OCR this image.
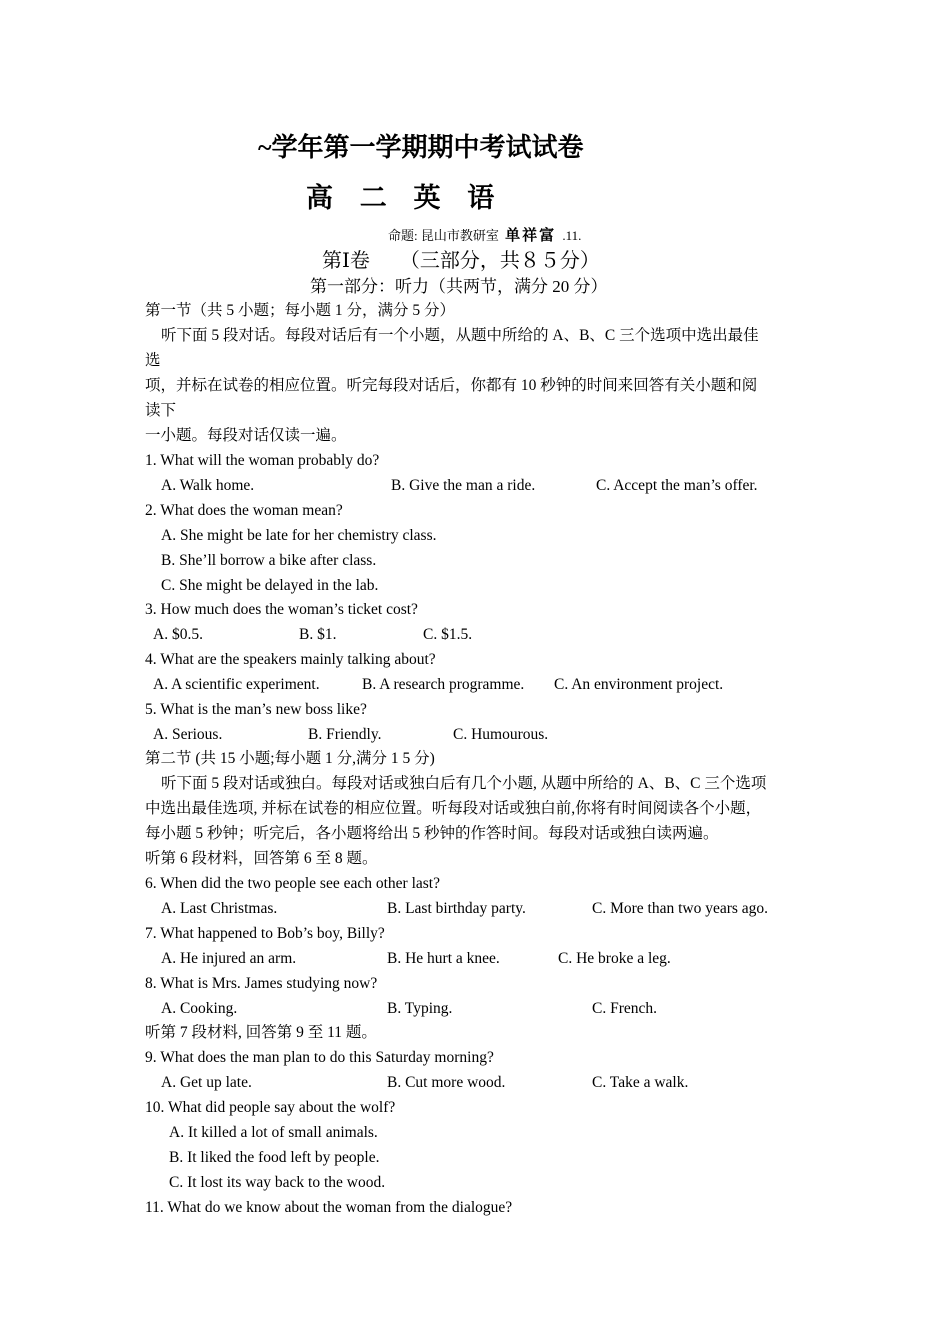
~学年第一学期期中考试试卷
高 二 英 语
命题: 昆山市教研室 单祥富 .11.
第Ⅰ卷　　（三部分，共８５分）
第一部分：听力（共两节，满分 20 分）
第一节（共 5 小题；每小题 1 分，满分 5 分）
听下面 5 段对话。每段对话后有一个小题，从题中所给的 A、B、C 三个选项中选出最佳
选
项，并标在试卷的相应位置。听完每段对话后，你都有 10 秒钟的时间来回答有关小题和阅
读下
一小题。每段对话仅读一遍。
1. What will the woman probably do?
A. Walk home.	B. Give the man a ride.	C. Accept the man’s offer.
2. What does the woman mean?
A. She might be late for her chemistry class.
B. She’ll borrow a bike after class.
C. She might be delayed in the lab.
3. How much does the woman’s ticket cost?
A. $0.5.	B. $1.	C. $1.5.
4. What are the speakers mainly talking about?
A. A scientific experiment.	B. A research programme. C. An environment project.
5. What is the man’s new boss like?
A. Serious.	B. Friendly.	C. Humourous.
第二节 (共 15 小题;每小题 1 分,满分 1 5 分)
听下面 5 段对话或独白。每段对话或独白后有几个小题, 从题中所给的 A、B、C 三个选项
中选出最佳选项, 并标在试卷的相应位置。听每段对话或独白前,你将有时间阅读各个小题，
每小题 5 秒钟；听完后，各小题将给出 5 秒钟的作答时间。每段对话或独白读两遍。
听第 6 段材料，回答第 6 至 8 题。
6. When did the two people see each other last?
A. Last Christmas.	B. Last birthday party.	C. More than two years ago.
7. What happened to Bob’s boy, Billy?
A. He injured an arm.	B. He hurt a knee.	C. He broke a leg.
8. What is Mrs. James studying now?
A. Cooking.	B. Typing.	C. French.
听第 7 段材料, 回答第 9 至 11 题。
9. What does the man plan to do this Saturday morning?
A. Get up late.	B. Cut more wood.	C. Take a walk.
10. What did people say about the wolf?
A. It killed a lot of small animals.
B. It liked the food left by people.
C. It lost its way back to the wood.
11. What do we know about the woman from the dialogue?
